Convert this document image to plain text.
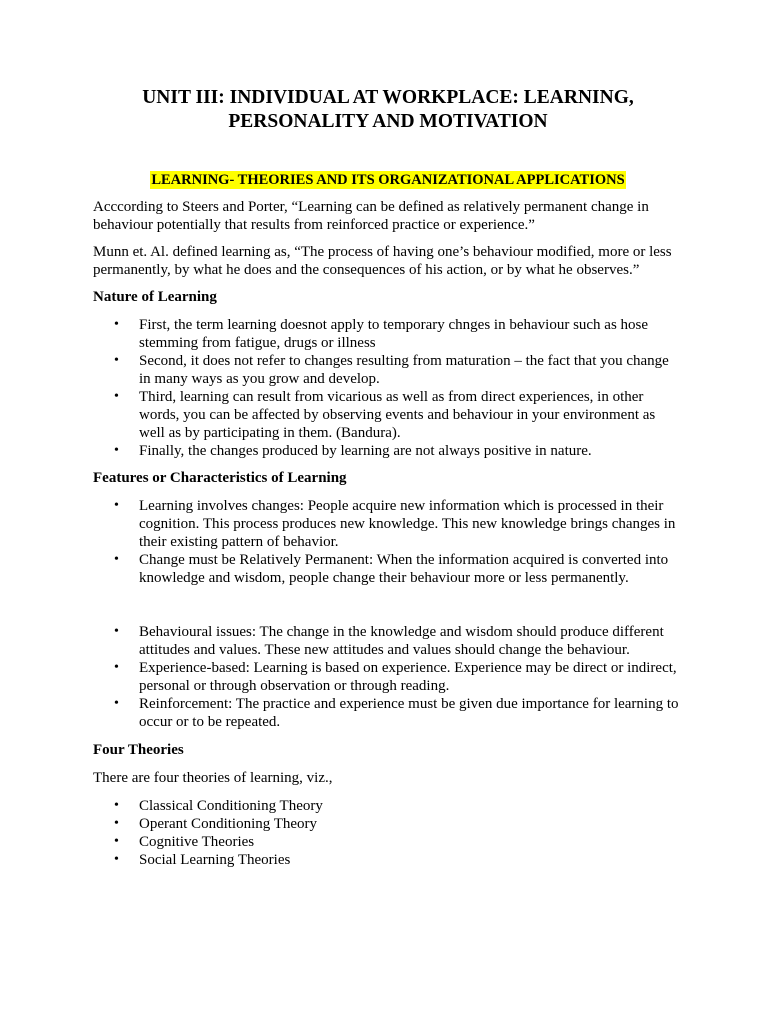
UNIT III: INDIVIDUAL AT WORKPLACE: LEARNING,
PERSONALITY AND MOTIVATION
LEARNING- THEORIES AND ITS ORGANIZATIONAL APPLICATIONS

Acccording to Steers and Porter, “Learning can be defined as relatively permanent change in behaviour potentially that results from reinforced practice or experience.”

Munn et. Al. defined learning as, “The process of having one’s behaviour modified, more or less permanently, by what he does and the consequences of his action, or by what he observes.”

Nature of Learning
• First, the term learning doesnot apply to temporary chnges in behaviour such as hose stemming from fatigue, drugs or illness
• Second, it does not refer to changes resulting from maturation – the fact that you change in many ways as you grow and develop.
• Third, learning can result from vicarious as well as from direct experiences, in other words, you can be affected by observing events and behaviour in your environment as well as by participating in them. (Bandura).
• Finally, the changes produced by learning are not always positive in nature.
Features or Characteristics of Learning
• Learning involves changes: People acquire new information which is processed in their cognition. This process produces new knowledge. This new knowledge brings changes in their existing pattern of behavior.
• Change must be Relatively Permanent: When the information acquired is converted into knowledge and wisdom, people change their behaviour more or less permanently.
• Behavioural issues: The change in the knowledge and wisdom should produce different attitudes and values. These new attitudes and values should change the behaviour.
• Experience-based: Learning is based on experience. Experience may be direct or indirect, personal or through observation or through reading.
• Reinforcement: The practice and experience must be given due importance for learning to occur or to be repeated.
Four Theories

There are four theories of learning, viz.,

• Classical Conditioning Theory
• Operant Conditioning Theory
• Cognitive Theories
• Social Learning Theories
